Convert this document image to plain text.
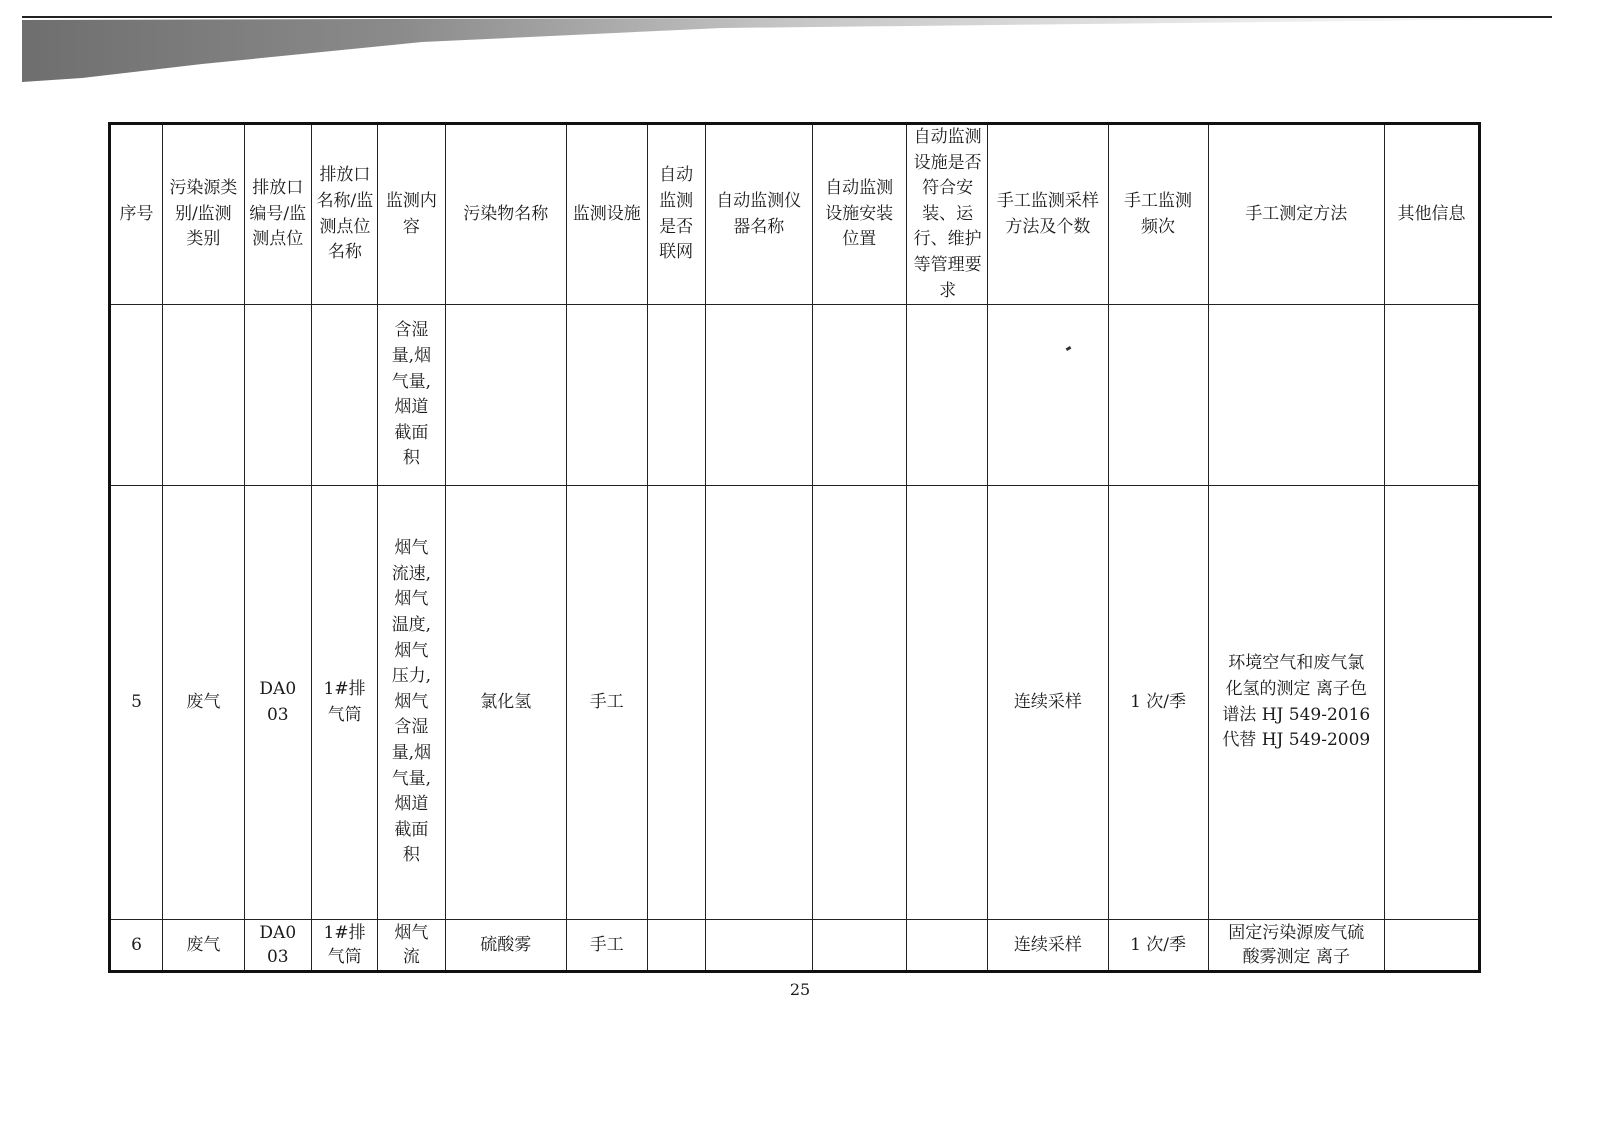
序号	污染源类别/监测类别	排放口编号/监测点位	排放口名称/监测点位名称	监测内容	污染物名称	监测设施	自动监测是否联网	自动监测仪器名称	自动监测设施安装位置	自动监测设施是否符合安装、运行、维护等管理要求	手工监测采样方法及个数	手工监测频次	手工测定方法	其他信息

				含湿量,烟气量,烟道截面积										

5	废气	DA003	1#排气筒	烟气流速,烟气温度,烟气压力,烟气含湿量,烟气量,烟道截面积	氯化氢	手工					连续采样	1 次/季	环境空气和废气氯化氢的测定 离子色谱法 HJ 549-2016 代替 HJ 549-2009	

6	废气	DA003	1#排气筒	烟气流	硫酸雾	手工					连续采样	1 次/季	固定污染源废气硫酸雾测定 离子	

25
